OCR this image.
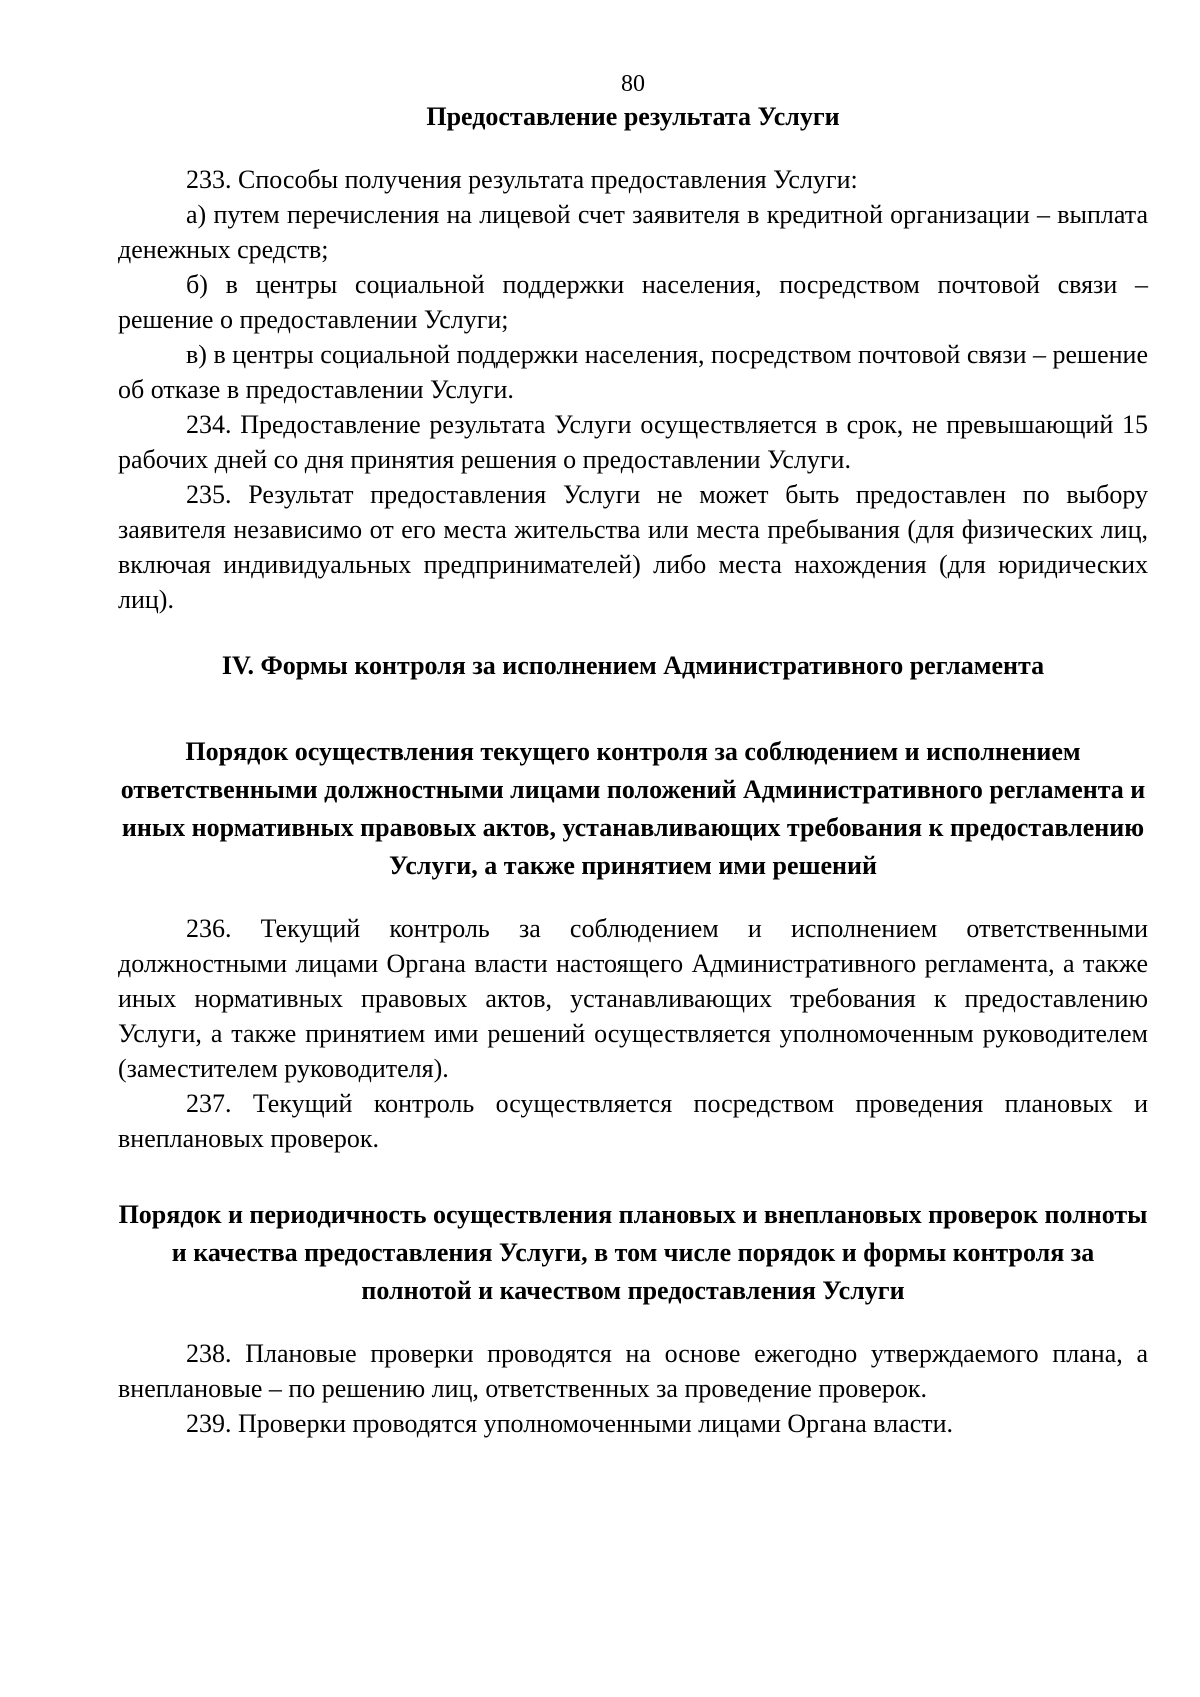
80

Предоставление результата Услуги

233. Способы получения результата предоставления Услуги:

а) путем перечисления на лицевой счет заявителя в кредитной организации – выплата денежных средств;

б) в центры социальной поддержки населения, посредством почтовой связи – решение о предоставлении Услуги;

в) в центры социальной поддержки населения, посредством почтовой связи – решение об отказе в предоставлении Услуги.

234. Предоставление результата Услуги осуществляется в срок, не превышающий 15 рабочих дней со дня принятия решения о предоставлении Услуги.

235. Результат предоставления Услуги не может быть предоставлен по выбору заявителя независимо от его места жительства или места пребывания (для физических лиц, включая индивидуальных предпринимателей) либо места нахождения (для юридических лиц).

IV. Формы контроля за исполнением Административного регламента
Порядок осуществления текущего контроля за соблюдением и исполнением ответственными должностными лицами положений Административного регламента и иных нормативных правовых актов, устанавливающих требования к предоставлению Услуги, а также принятием ими решений

236. Текущий контроль за соблюдением и исполнением ответственными должностными лицами Органа власти настоящего Административного регламента, а также иных нормативных правовых актов, устанавливающих требования к предоставлению Услуги, а также принятием ими решений осуществляется уполномоченным руководителем (заместителем руководителя).

237. Текущий контроль осуществляется посредством проведения плановых и внеплановых проверок.

Порядок и периодичность осуществления плановых и внеплановых проверок полноты и качества предоставления Услуги, в том числе порядок и формы контроля за полнотой и качеством предоставления Услуги

238. Плановые проверки проводятся на основе ежегодно утверждаемого плана, а внеплановые – по решению лиц, ответственных за проведение проверок.

239. Проверки проводятся уполномоченными лицами Органа власти.
